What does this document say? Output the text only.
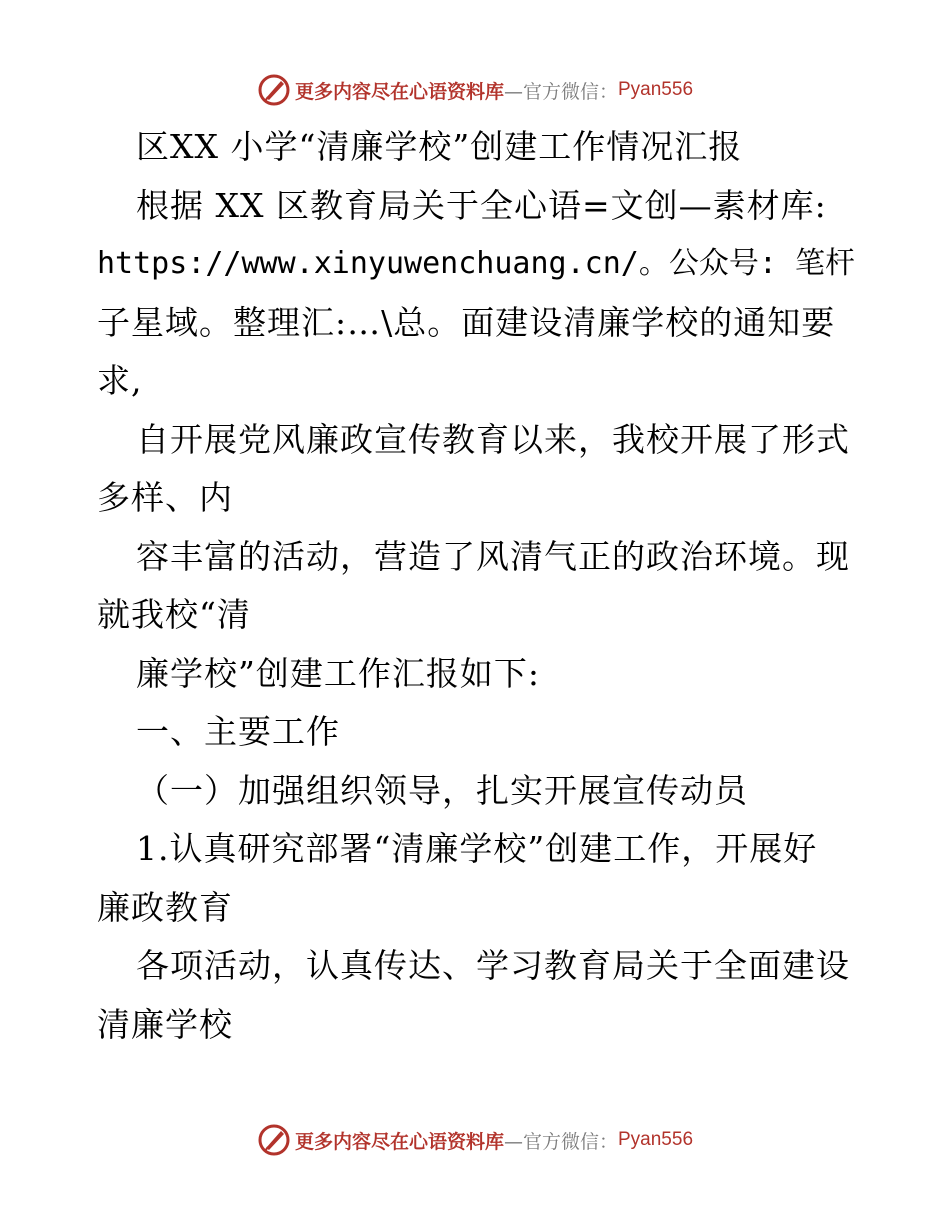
更多内容尽在心语资料库 —官方微信： Pyan556
区XX 小学“清廉学校”创建工作情况汇报
根据 XX 区教育局关于全心语=文创—素材库:
https://www.xinyuwenchuang.cn/。公众号: 笔杆
子星域。整理汇:…\总。面建设清廉学校的通知要
求,
自开展党风廉政宣传教育以来，我校开展了形式
多样、内
容丰富的活动，营造了风清气正的政治环境。现
就我校“清
廉学校”创建工作汇报如下:
一、主要工作
（一）加强组织领导，扎实开展宣传动员
1.认真研究部署“清廉学校”创建工作，开展好
廉政教育
各项活动，认真传达、学习教育局关于全面建设
清廉学校
更多内容尽在心语资料库 —官方微信： Pyan556
